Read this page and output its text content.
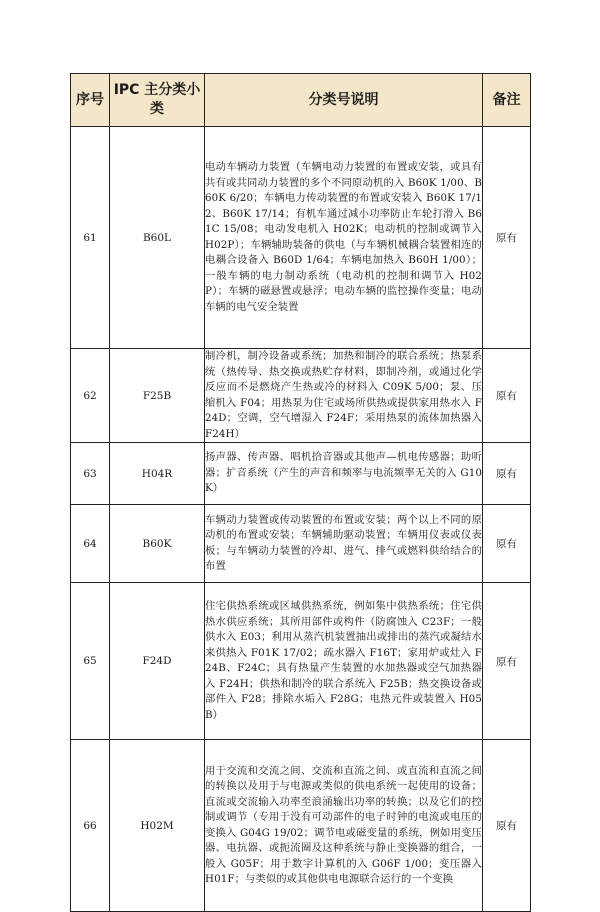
序号	IPC 主分类小类	分类号说明	备注
61	B60L	电动车辆动力装置（车辆电动力装置的布置或安装，或具有共有或共同动力装置的多个不同原动机的入 B60K 1/00、B60K 6/20；车辆电力传动装置的布置或安装入 B60K 17/12、B60K 17/14；有机车通过减小功率防止车轮打滑入 B61C 15/08；电动发电机入 H02K；电动机的控制或调节入 H02P）；车辆辅助装备的供电（与车辆机械耦合装置相连的电耦合设备入 B60D 1/64；车辆电加热入 B60H 1/00）；一般车辆的电力制动系统（电动机的控制和调节入 H02P）；车辆的磁悬置或悬浮；电动车辆的监控操作变量；电动车辆的电气安全装置	原有
62	F25B	制冷机，制冷设备或系统；加热和制冷的联合系统；热泵系统（热传导、热交换或热贮存材料，即制冷剂，或通过化学反应而不是燃烧产生热或冷的材料入 C09K 5/00；泵、压缩机入 F04；用热泵为住宅或场所供热或提供家用热水入 F24D；空调，空气增湿入 F24F；采用热泵的流体加热器入 F24H）	原有
63	H04R	扬声器、传声器、唱机拾音器或其他声—机电传感器；助听器；扩音系统（产生的声音和频率与电流频率无关的入 G10K）	原有
64	B60K	车辆动力装置或传动装置的布置或安装；两个以上不同的原动机的布置或安装；车辆辅助驱动装置；车辆用仪表或仪表板；与车辆动力装置的冷却、进气、排气或燃料供给结合的布置	原有
65	F24D	住宅供热系统或区域供热系统，例如集中供热系统；住宅供热水供应系统；其所用部件或构件（防腐蚀入 C23F；一般供水入 E03；利用从蒸汽机装置抽出或排出的蒸汽或凝结水来供热入 F01K 17/02；疏水器入 F16T；家用炉或灶入 F24B、F24C；具有热量产生装置的水加热器或空气加热器入 F24H；供热和制冷的联合系统入 F25B；热交换设备或部件入 F28；排除水垢入 F28G；电热元件或装置入 H05B）	原有
66	H02M	用于交流和交流之间、交流和直流之间、或直流和直流之间的转换以及用于与电源或类似的供电系统一起使用的设备；直流或交流输入功率至浪涌输出功率的转换；以及它们的控制或调节（专用于没有可动部件的电子时钟的电流或电压的变换入 G04G 19/02；调节电或磁变量的系统，例如用变压器、电抗器、或扼流圈及这种系统与静止变换器的组合，一般入 G05F；用于数字计算机的入 G06F 1/00；变压器入 H01F；与类似的或其他供电电源联合运行的一个变换	原有
